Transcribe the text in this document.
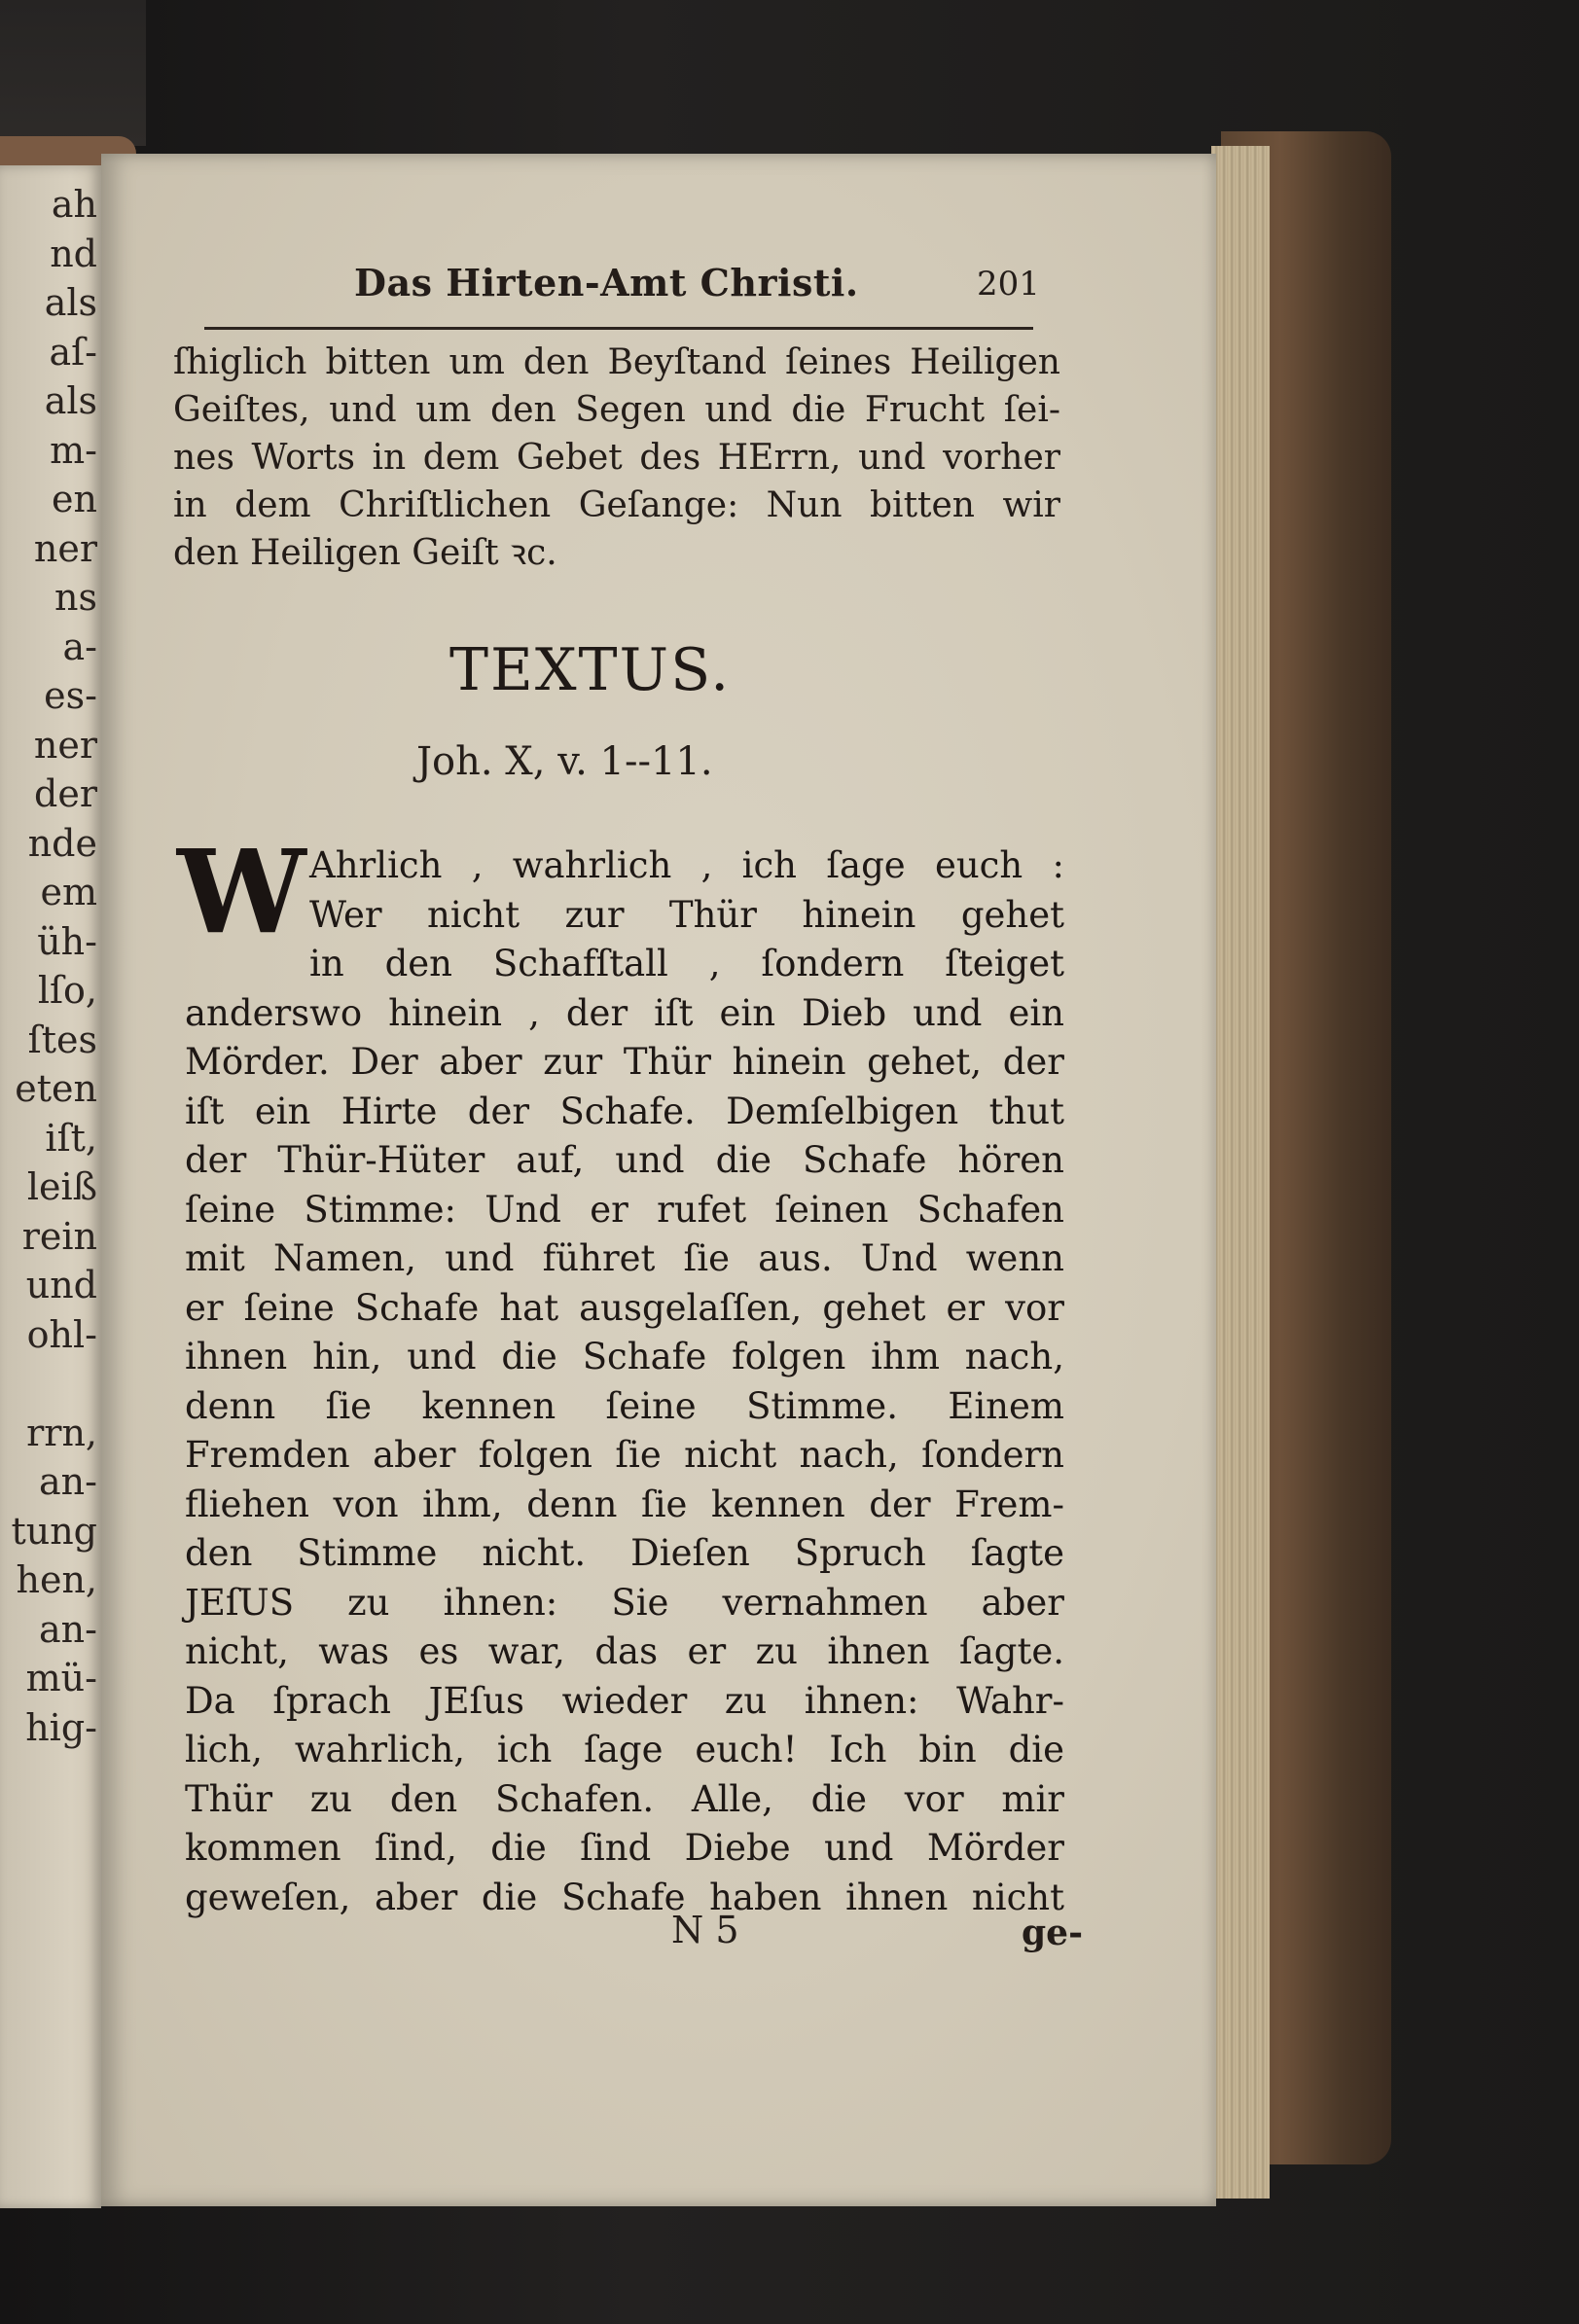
ah
nd
als
aſ-
als
m-
en
ner
ns
a-
es-
ner
der
nde
em
üh-
lſo,
ſtes
eten
iſt,
leiß
rein
und
ohl-
rrn,
an-
tung
hen,
an-
mü-
hig-
Das Hirten-Amt Christi.	201
ſhiglich bitten um den Beyſtand ſeines Heiligen
Geiſtes, und um den Segen und die Frucht ſei-
nes Worts in dem Gebet des HErrn, und vorher
in dem Chriſtlichen Geſange: Nun bitten wir
den Heiligen Geiſt ꝛc.
TEXTUS.
Joh. X, v. 1--11.
W Ahrlich , wahrlich , ich ſage euch :
Wer nicht zur Thür hinein gehet
in den Schafſtall , ſondern ſteiget
anderswo hinein , der iſt ein Dieb und ein
Mörder. Der aber zur Thür hinein gehet, der
iſt ein Hirte der Schafe. Demſelbigen thut
der Thür-Hüter auf, und die Schafe hören
ſeine Stimme: Und er rufet ſeinen Schafen
mit Namen, und führet ſie aus. Und wenn
er ſeine Schafe hat ausgelaſſen, gehet er vor
ihnen hin, und die Schafe folgen ihm nach,
denn ſie kennen ſeine Stimme. Einem
Fremden aber folgen ſie nicht nach, ſondern
fliehen von ihm, denn ſie kennen der Frem-
den Stimme nicht. Dieſen Spruch ſagte
JEſUS zu ihnen: Sie vernahmen aber
nicht, was es war, das er zu ihnen ſagte.
Da ſprach JEſus wieder zu ihnen: Wahr-
lich, wahrlich, ich ſage euch! Ich bin die
Thür zu den Schafen. Alle, die vor mir
kommen ſind, die ſind Diebe und Mörder
geweſen, aber die Schafe haben ihnen nicht
N 5	ge-
